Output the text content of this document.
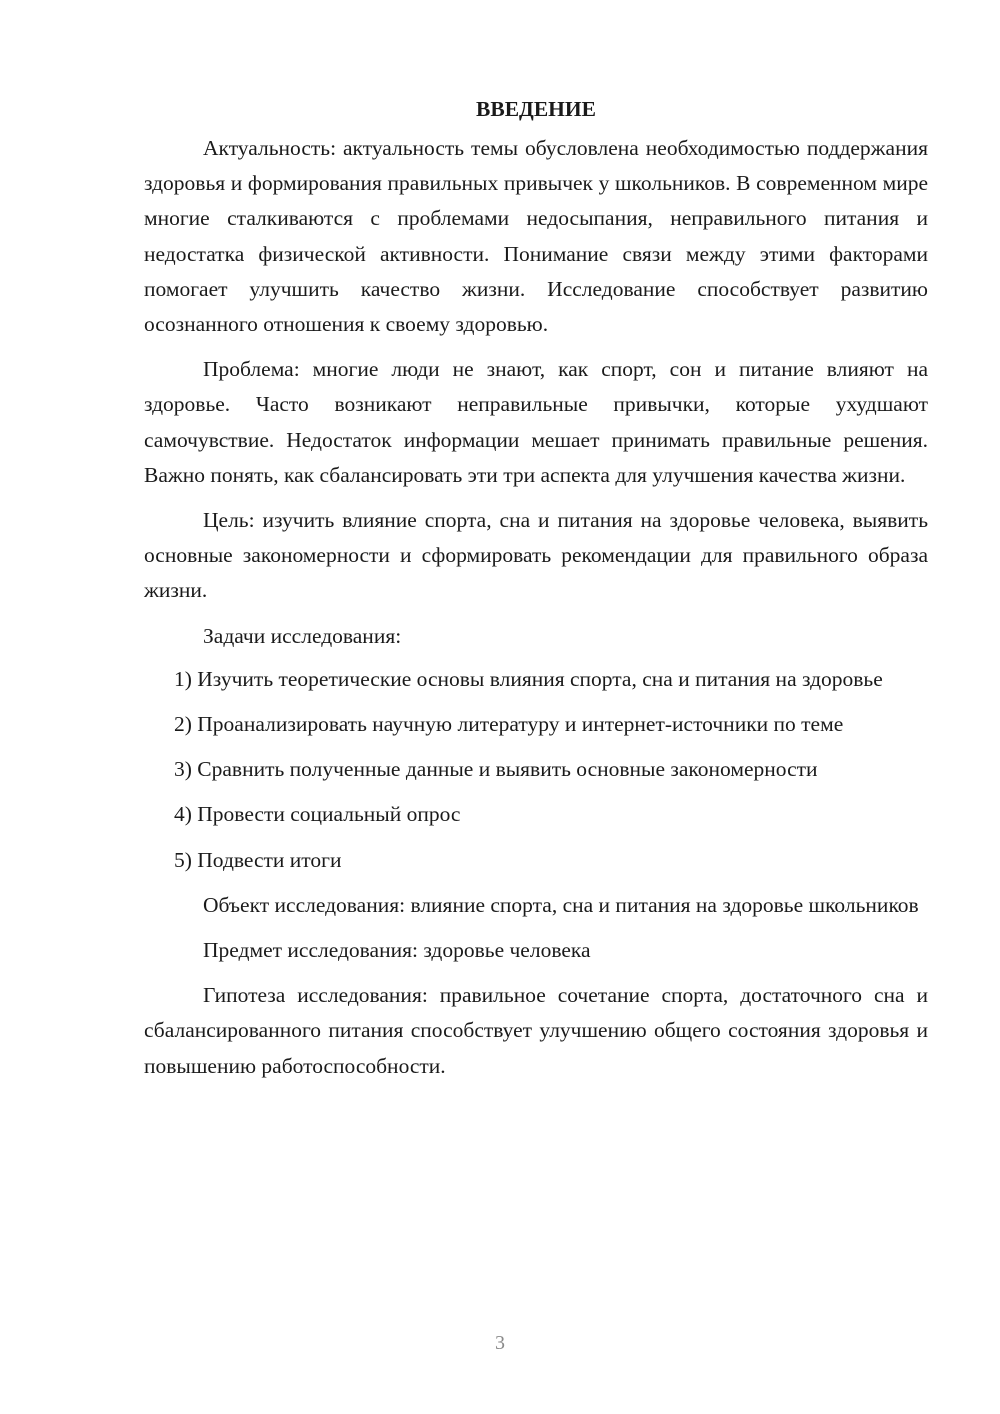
ВВЕДЕНИЕ

Актуальность: актуальность темы обусловлена необходимостью поддержания здоровья и формирования правильных привычек у школьников. В современном мире многие сталкиваются с проблемами недосыпания, неправильного питания и недостатка физической активности. Понимание связи между этими факторами помогает улучшить качество жизни. Исследование способствует развитию осознанного отношения к своему здоровью.

Проблема: многие люди не знают, как спорт, сон и питание влияют на здоровье. Часто возникают неправильные привычки, которые ухудшают самочувствие. Недостаток информации мешает принимать правильные решения. Важно понять, как сбалансировать эти три аспекта для улучшения качества жизни.

Цель: изучить влияние спорта, сна и питания на здоровье человека, выявить основные закономерности и сформировать рекомендации для правильного образа жизни.

Задачи исследования:

1) Изучить теоретические основы влияния спорта, сна и питания на здоровье

2) Проанализировать научную литературу и интернет-источники по теме

3) Сравнить полученные данные и выявить основные закономерности

4) Провести социальный опрос

5) Подвести итоги

Объект исследования: влияние спорта, сна и питания на здоровье школьников

Предмет исследования: здоровье человека

Гипотеза исследования: правильное сочетание спорта, достаточного сна и сбалансированного питания способствует улучшению общего состояния здоровья и повышению работоспособности.

3
